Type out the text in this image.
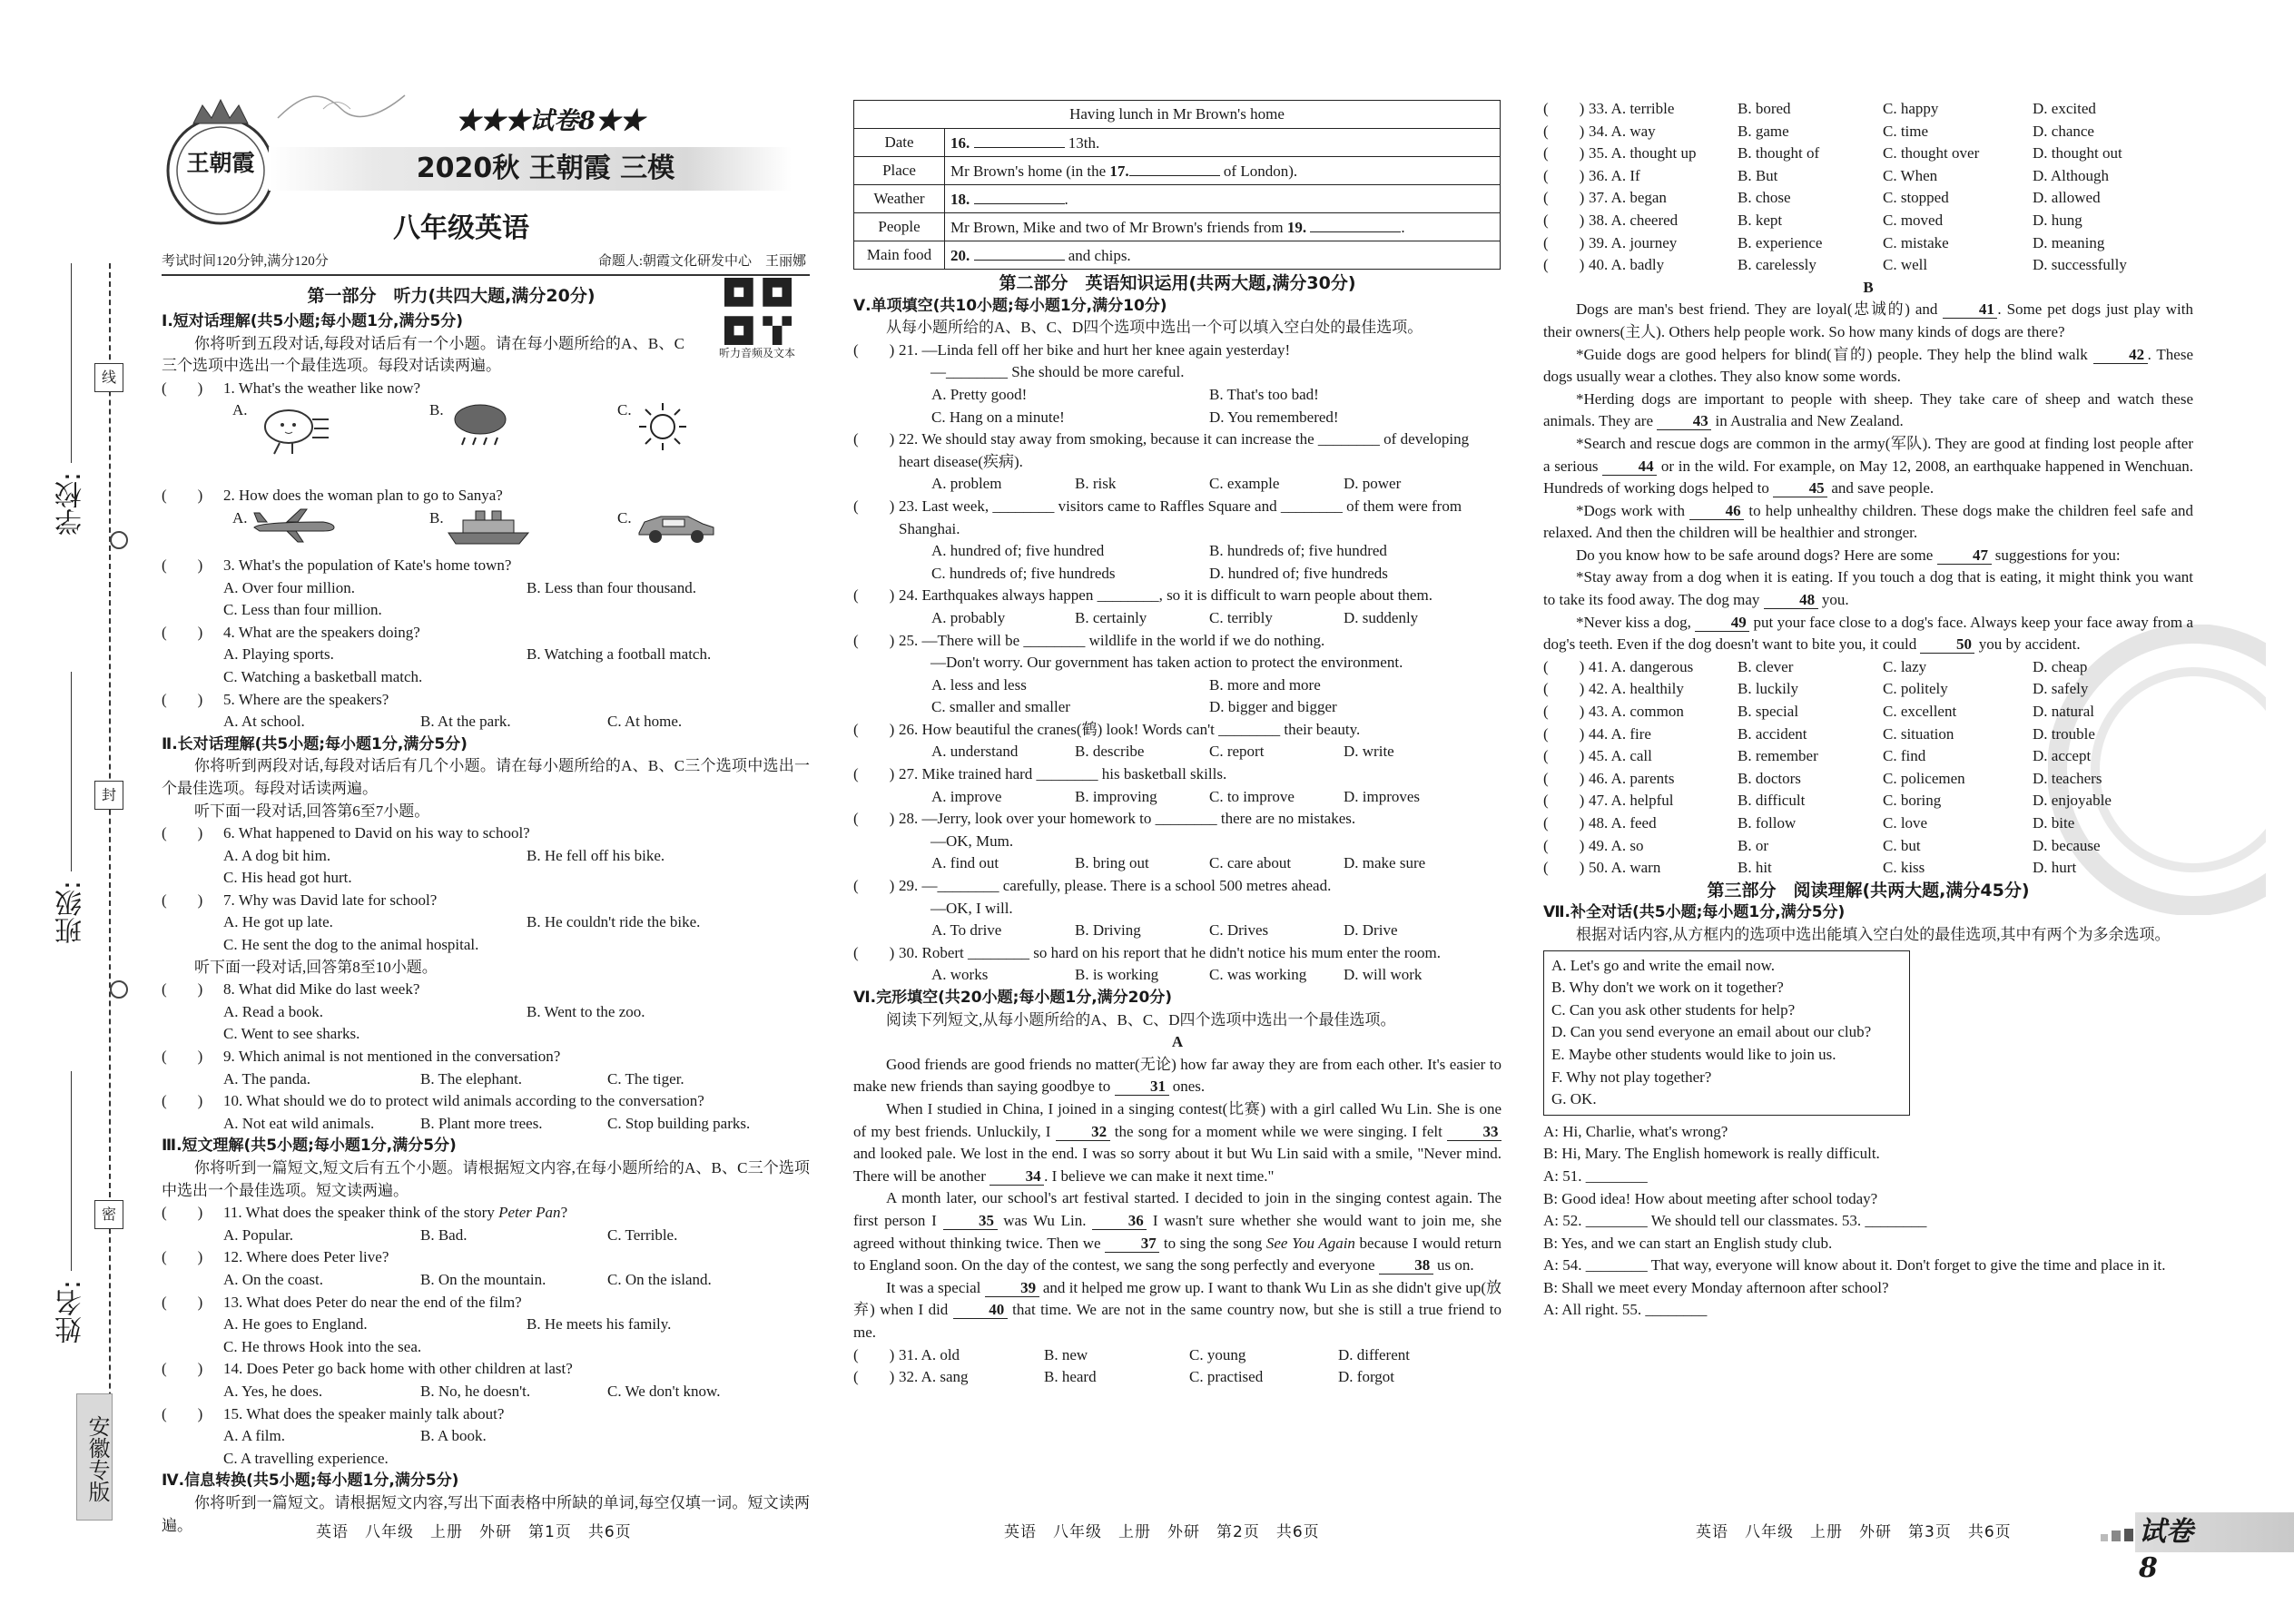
线
封
密
学校:
班级:
姓名:
安徽专版
王朝霞
★★★试卷8★★
2020秋 王朝霞 三模
八年级英语
考试时间120分钟,满分120分	命题人:朝霞文化研发中心　王丽娜
听力音频及文本
第一部分　听力(共四大题,满分20分)
Ⅰ.短对话理解(共5小题;每小题1分,满分5分)
你将听到五段对话,每段对话后有一个小题。请在每小题所给的A、B、C三个选项中选出一个最佳选项。每段对话读两遍。
(　　) 1. What's the weather like now?
A.	B.	C.
(　　) 2. How does the woman plan to go to Sanya?
A.	B.	C.
(　　) 3. What's the population of Kate's home town?
A. Over four million.	B. Less than four thousand.
C. Less than four million.
(　　) 4. What are the speakers doing?
A. Playing sports.	B. Watching a football match.
C. Watching a basketball match.
(　　) 5. Where are the speakers?
A. At school.	B. At the park.	C. At home.
Ⅱ.长对话理解(共5小题;每小题1分,满分5分)
你将听到两段对话,每段对话后有几个小题。请在每小题所给的A、B、C三个选项中选出一个最佳选项。每段对话读两遍。
听下面一段对话,回答第6至7小题。
(　　) 6. What happened to David on his way to school?
A. A dog bit him.	B. He fell off his bike.
C. His head got hurt.
(　　) 7. Why was David late for school?
A. He got up late.	B. He couldn't ride the bike.
C. He sent the dog to the animal hospital.
听下面一段对话,回答第8至10小题。
(　　) 8. What did Mike do last week?
A. Read a book.	B. Went to the zoo.
C. Went to see sharks.
(　　) 9. Which animal is not mentioned in the conversation?
A. The panda.	B. The elephant.	C. The tiger.
(　　) 10. What should we do to protect wild animals according to the conversation?
A. Not eat wild animals.	B. Plant more trees.	C. Stop building parks.
Ⅲ.短文理解(共5小题;每小题1分,满分5分)
你将听到一篇短文,短文后有五个小题。请根据短文内容,在每小题所给的A、B、C三个选项中选出一个最佳选项。短文读两遍。
(　　) 11. What does the speaker think of the story Peter Pan?
A. Popular.	B. Bad.	C. Terrible.
(　　) 12. Where does Peter live?
A. On the coast.	B. On the mountain.	C. On the island.
(　　) 13. What does Peter do near the end of the film?
A. He goes to England.	B. He meets his family.
C. He throws Hook into the sea.
(　　) 14. Does Peter go back home with other children at last?
A. Yes, he does.	B. No, he doesn't.	C. We don't know.
(　　) 15. What does the speaker mainly talk about?
A. A film.	B. A book.
C. A travelling experience.
Ⅳ.信息转换(共5小题;每小题1分,满分5分)
你将听到一篇短文。请根据短文内容,写出下面表格中所缺的单词,每空仅填一词。短文读两遍。	英语　八年级　上册　外研　第1页　共6页
Having lunch in Mr Brown's home	
Date	16. 13th.
Place	Mr Brown's home (in the 17. of London).
Weather	18. .
People	Mr Brown, Mike and two of Mr Brown's friends from 19. .
Main food	20. and chips.
第二部分　英语知识运用(共两大题,满分30分)
Ⅴ.单项填空(共10小题;每小题1分,满分10分)
从每小题所给的A、B、C、D四个选项中选出一个可以填入空白处的最佳选项。
(　　) 21. —Linda fell off her bike and hurt her knee again yesterday!
—________ She should be more careful.
A. Pretty good!	B. That's too bad!
C. Hang on a minute!	D. You remembered!
(　　) 22. We should stay away from smoking, because it can increase the ________ of developing heart disease(疾病).
A. problem	B. risk	C. example	D. power
(　　) 23. Last week, ________ visitors came to Raffles Square and ________ of them were from Shanghai.
A. hundred of; five hundred	B. hundreds of; five hundred
C. hundreds of; five hundreds	D. hundred of; five hundreds
(　　) 24. Earthquakes always happen ________, so it is difficult to warn people about them.
A. probably	B. certainly	C. terribly	D. suddenly
(　　) 25. —There will be ________ wildlife in the world if we do nothing.
—Don't worry. Our government has taken action to protect the environment.
A. less and less	B. more and more
C. smaller and smaller	D. bigger and bigger
(　　) 26. How beautiful the cranes(鹤) look! Words can't ________ their beauty.
A. understand	B. describe	C. report	D. write
(　　) 27. Mike trained hard ________ his basketball skills.
A. improve	B. improving	C. to improve	D. improves
(　　) 28. —Jerry, look over your homework to ________ there are no mistakes.
—OK, Mum.
A. find out	B. bring out	C. care about	D. make sure
(　　) 29. —________ carefully, please. There is a school 500 metres ahead.
—OK, I will.
A. To drive	B. Driving	C. Drives	D. Drive
(　　) 30. Robert ________ so hard on his report that he didn't notice his mum enter the room.
A. works	B. is working	C. was working	D. will work
Ⅵ.完形填空(共20小题;每小题1分,满分20分)
阅读下列短文,从每小题所给的A、B、C、D四个选项中选出一个最佳选项。
A
Good friends are good friends no matter(无论) how far away they are from each other. It's easier to make new friends than saying goodbye to	31 ones.
When I studied in China, I joined in a singing contest(比赛) with a girl called Wu Lin. She is one of my best friends. Unluckily, I	32 the song for a moment while we were singing. I felt	33 and looked pale. We lost in the end. I was so sorry about it but Wu Lin said with a smile, "Never mind. There will be another	34 . I believe we can make it next time."
A month later, our school's art festival started. I decided to join in the singing contest again. The first person I	35 was Wu Lin.	36 I wasn't sure whether she would want to join me, she agreed without thinking twice. Then we	37 to sing the song See You Again because I would return to England soon. On the day of the contest, we sang the song perfectly and everyone	38 us on.
It was a special	39 and it helped me grow up. I want to thank Wu Lin as she didn't give up(放弃) when I did	40 that time. We are not in the same country now, but she is still a true friend to me.
(　　) 31. A. old	B. new	C. young	D. different
(　　) 32. A. sang	B. heard	C. practised	D. forgot
英语　八年级　上册　外研　第2页　共6页
(　　) 33. A. terrible	B. bored	C. happy	D. excited
(　　) 34. A. way	B. game	C. time	D. chance
(　　) 35. A. thought up	B. thought of	C. thought over	D. thought out
(　　) 36. A. If	B. But	C. When	D. Although
(　　) 37. A. began	B. chose	C. stopped	D. allowed
(　　) 38. A. cheered	B. kept	C. moved	D. hung
(　　) 39. A. journey	B. experience	C. mistake	D. meaning
(　　) 40. A. badly	B. carelessly	C. well	D. successfully
B
Dogs are man's best friend. They are loyal(忠诚的) and	41 . Some pet dogs just play with their owners(主人). Others help people work. So how many kinds of dogs are there?
*Guide dogs are good helpers for blind(盲的) people. They help the blind walk	42 . These dogs usually wear a clothes. They also know some words.
*Herding dogs are important to people with sheep. They take care of sheep and watch these animals. They are	43 in Australia and New Zealand.
*Search and rescue dogs are common in the army(军队). They are good at finding lost people after a serious	44 or in the wild. For example, on May 12, 2008, an earthquake happened in Wenchuan. Hundreds of working dogs helped to	45 and save people.
*Dogs work with	46 to help unhealthy children. These dogs make the children feel safe and relaxed. And then the children will be healthier and stronger.
Do you know how to be safe around dogs? Here are some	47 suggestions for you:
*Stay away from a dog when it is eating. If you touch a dog that is eating, it might think you want to take its food away. The dog may	48 you.
*Never kiss a dog,	49 put your face close to a dog's face. Always keep your face away from a dog's teeth. Even if the dog doesn't want to bite you, it could	50 you by accident.
(　　) 41. A. dangerous	B. clever	C. lazy	D. cheap
(　　) 42. A. healthily	B. luckily	C. politely	D. safely
(　　) 43. A. common	B. special	C. excellent	D. natural
(　　) 44. A. fire	B. accident	C. situation	D. trouble
(　　) 45. A. call	B. remember	C. find	D. accept
(　　) 46. A. parents	B. doctors	C. policemen	D. teachers
(　　) 47. A. helpful	B. difficult	C. boring	D. enjoyable
(　　) 48. A. feed	B. follow	C. love	D. bite
(　　) 49. A. so	B. or	C. but	D. because
(　　) 50. A. warn	B. hit	C. kiss	D. hurt
第三部分　阅读理解(共两大题,满分45分)
Ⅶ.补全对话(共5小题;每小题1分,满分5分)
根据对话内容,从方框内的选项中选出能填入空白处的最佳选项,其中有两个为多余选项。
A. Let's go and write the email now.
B. Why don't we work on it together?
C. Can you ask other students for help?
D. Can you send everyone an email about our club?
E. Maybe other students would like to join us.
F. Why not play together?
G. OK.
A: Hi, Charlie, what's wrong?
B: Hi, Mary. The English homework is really difficult.
A: 51. ________
B: Good idea! How about meeting after school today?
A: 52. ________ We should tell our classmates. 53. ________
B: Yes, and we can start an English study club.
A: 54. ________ That way, everyone will know about it. Don't forget to give the time and place in it.
B: Shall we meet every Monday afternoon after school?
A: All right. 55. ________
英语　八年级　上册　外研　第3页　共6页	试卷8
